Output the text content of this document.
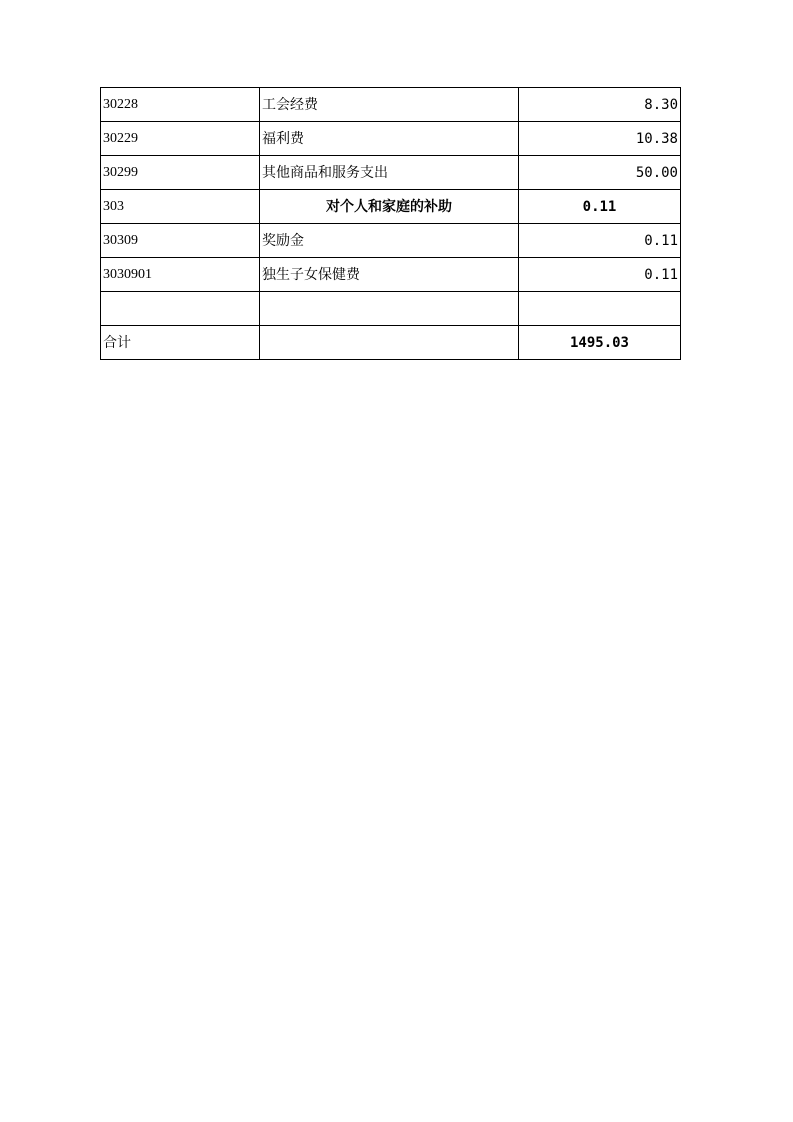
30228	工会经费	8.30
30229	福利费	10.38
30299	其他商品和服务支出	50.00
303	对个人和家庭的补助	0.11
30309	奖励金	0.11
3030901	独生子女保健费	0.11

合计		1495.03
